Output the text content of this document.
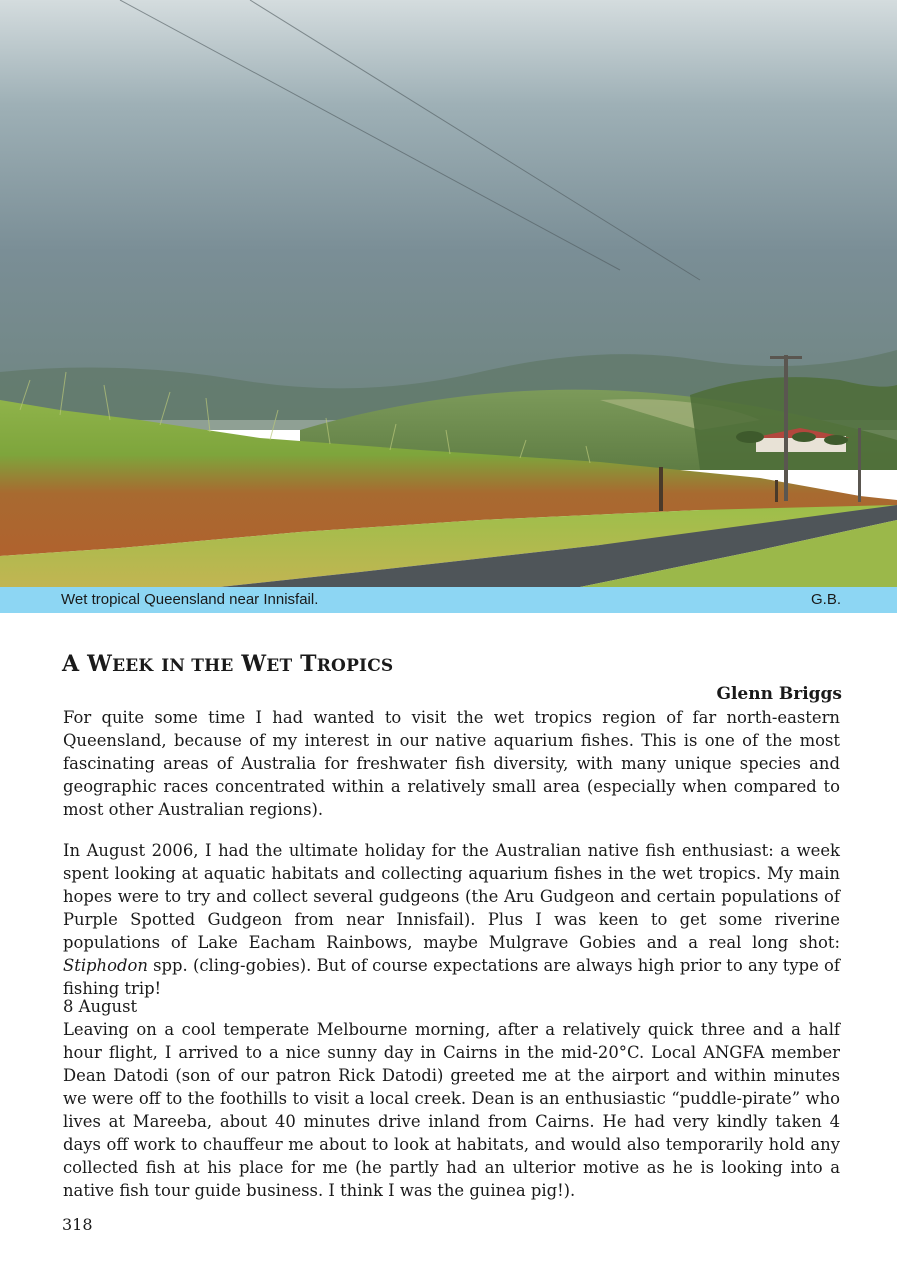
Wet tropical Queensland near Innisfail.	G.B.
A WEEK IN THE WET TROPICS
Glenn Briggs

For quite some time I had wanted to visit the wet tropics region of far north-eastern Queensland, because of my interest in our native aquarium fishes. This is one of the most fascinating areas of Australia for freshwater fish diversity, with many unique species and geographic races concentrated within a relatively small area (especially when compared to most other Australian regions).

In August 2006, I had the ultimate holiday for the Australian native fish enthusiast: a week spent looking at aquatic habitats and collecting aquarium fishes in the wet tropics. My main hopes were to try and collect several gudgeons (the Aru Gudgeon and certain populations of Purple Spotted Gudgeon from near Innisfail). Plus I was keen to get some riverine populations of Lake Eacham Rainbows, maybe Mulgrave Gobies and a real long shot: Stiphodon spp. (cling-gobies). But of course expectations are always high prior to any type of fishing trip!

8 August

Leaving on a cool temperate Melbourne morning, after a relatively quick three and a half hour flight, I arrived to a nice sunny day in Cairns in the mid-20°C. Local ANGFA member Dean Datodi (son of our patron Rick Datodi) greeted me at the airport and within minutes we were off to the foothills to visit a local creek. Dean is an enthusiastic “puddle-pirate” who lives at Mareeba, about 40 minutes drive inland from Cairns. He had very kindly taken 4 days off work to chauffeur me about to look at habitats, and would also temporarily hold any collected fish at his place for me (he partly had an ulterior motive as he is looking into a native fish tour guide business. I think I was the guinea pig!).

318
